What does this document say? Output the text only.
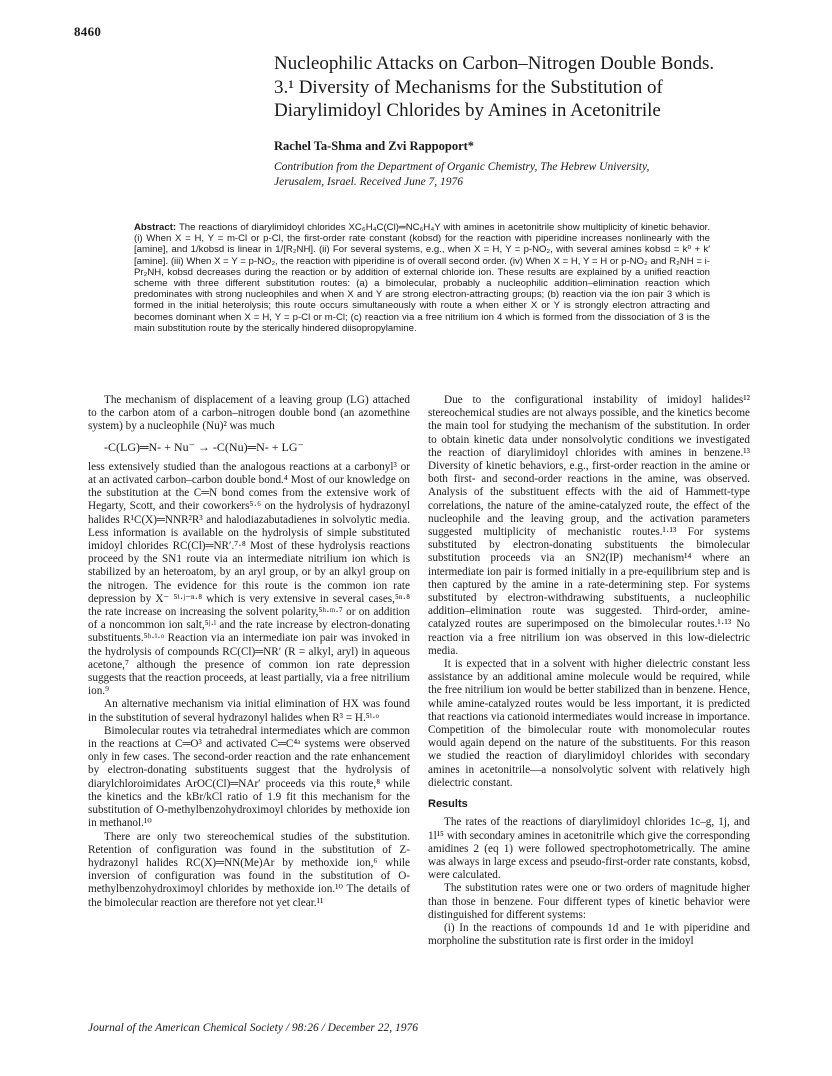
8460
Nucleophilic Attacks on Carbon–Nitrogen Double Bonds.
3.¹ Diversity of Mechanisms for the Substitution of
Diarylimidoyl Chlorides by Amines in Acetonitrile
Rachel Ta-Shma and Zvi Rappoport*
Contribution from the Department of Organic Chemistry, The Hebrew University,
Jerusalem, Israel. Received June 7, 1976
Abstract: The reactions of diarylimidoyl chlorides XC₆H₄C(Cl)═NC₆H₄Y with amines in acetonitrile show multiplicity of kinetic behavior. (i) When X = H, Y = m-Cl or p-Cl, the first-order rate constant (kobsd) for the reaction with piperidine increases nonlinearly with the [amine], and 1/kobsd is linear in 1/[R₂NH]. (ii) For several systems, e.g., when X = H, Y = p-NO₂, with several amines kobsd = k⁰ + k′[amine]. (iii) When X = Y = p-NO₂, the reaction with piperidine is of overall second order. (iv) When X = H, Y = H or p-NO₂ and R₂NH = i-Pr₂NH, kobsd decreases during the reaction or by addition of external chloride ion. These results are explained by a unified reaction scheme with three different substitution routes: (a) a bimolecular, probably a nucleophilic addition–elimination reaction which predominates with strong nucleophiles and when X and Y are strong electron-attracting groups; (b) reaction via the ion pair 3 which is formed in the initial heterolysis; this route occurs simultaneously with route a when either X or Y is strongly electron attracting and becomes dominant when X = H, Y = p-Cl or m-Cl; (c) reaction via a free nitrilium ion 4 which is formed from the dissociation of 3 is the main substitution route by the sterically hindered diisopropylamine.

The mechanism of displacement of a leaving group (LG) attached to the carbon atom of a carbon–nitrogen double bond (an azomethine system) by a nucleophile (Nu)² was much

-C(LG)═N- + Nu⁻ → -C(Nu)═N- + LG⁻

less extensively studied than the analogous reactions at a carbonyl³ or at an activated carbon–carbon double bond.⁴ Most of our knowledge on the substitution at the C═N bond comes from the extensive work of Hegarty, Scott, and their coworkers⁵·⁶ on the hydrolysis of hydrazonyl halides R¹C(X)═NNR²R³ and halodiazabutadienes in solvolytic media. Less information is available on the hydrolysis of simple substituted imidoyl chlorides RC(Cl)═NR′.⁷·⁸ Most of these hydrolysis reactions proceed by the SN1 route via an intermediate nitrilium ion which is stabilized by an heteroatom, by an aryl group, or by an alkyl group on the nitrogen. The evidence for this route is the common ion rate depression by X⁻ ⁵ⁱ·ʲ⁻ⁿ·⁸ which is very extensive in several cases,⁵ⁿ·⁸ the rate increase on increasing the solvent polarity,⁵ʰ·ᵐ·⁷ or on addition of a noncommon ion salt,⁵ʲ·ˡ and the rate increase by electron-donating substituents.⁵ʰ·ⁱ·ᵒ Reaction via an intermediate ion pair was invoked in the hydrolysis of compounds RC(Cl)═NR′ (R = alkyl, aryl) in aqueous acetone,⁷ although the presence of common ion rate depression suggests that the reaction proceeds, at least partially, via a free nitrilium ion.⁹

An alternative mechanism via initial elimination of HX was found in the substitution of several hydrazonyl halides when R³ = H.⁵ⁱ·ᵒ

Bimolecular routes via tetrahedral intermediates which are common in the reactions at C═O³ and activated C═C⁴ᵃ systems were observed only in few cases. The second-order reaction and the rate enhancement by electron-donating substituents suggest that the hydrolysis of diarylchloroimidates ArOC(Cl)═NAr′ proceeds via this route,⁸ while the kinetics and the kBr/kCl ratio of 1.9 fit this mechanism for the substitution of O-methylbenzohydroximoyl chlorides by methoxide ion in methanol.¹⁰

There are only two stereochemical studies of the substitution. Retention of configuration was found in the substitution of Z-hydrazonyl halides RC(X)═NN(Me)Ar by methoxide ion,⁶ while inversion of configuration was found in the substitution of O-methylbenzohydroximoyl chlorides by methoxide ion.¹⁰ The details of the bimolecular reaction are therefore not yet clear.¹¹

Due to the configurational instability of imidoyl halides¹² stereochemical studies are not always possible, and the kinetics become the main tool for studying the mechanism of the substitution. In order to obtain kinetic data under nonsolvolytic conditions we investigated the reaction of diarylimidoyl chlorides with amines in benzene.¹³ Diversity of kinetic behaviors, e.g., first-order reaction in the amine or both first- and second-order reactions in the amine, was observed. Analysis of the substituent effects with the aid of Hammett-type correlations, the nature of the amine-catalyzed route, the effect of the nucleophile and the leaving group, and the activation parameters suggested multiplicity of mechanistic routes.¹·¹³ For systems substituted by electron-donating substituents the bimolecular substitution proceeds via an SN2(IP) mechanism¹⁴ where an intermediate ion pair is formed initially in a pre-equilibrium step and is then captured by the amine in a rate-determining step. For systems substituted by electron-withdrawing substituents, a nucleophilic addition–elimination route was suggested. Third-order, amine-catalyzed routes are superimposed on the bimolecular routes.¹·¹³ No reaction via a free nitrilium ion was observed in this low-dielectric media.

It is expected that in a solvent with higher dielectric constant less assistance by an additional amine molecule would be required, while the free nitrilium ion would be better stabilized than in benzene. Hence, while amine-catalyzed routes would be less important, it is predicted that reactions via cationoid intermediates would increase in importance. Competition of the bimolecular route with monomolecular routes would again depend on the nature of the substituents. For this reason we studied the reaction of diarylimidoyl chlorides with secondary amines in acetonitrile—a nonsolvolytic solvent with relatively high dielectric constant.

Results

The rates of the reactions of diarylimidoyl chlorides 1c–g, 1j, and 1l¹⁵ with secondary amines in acetonitrile which give the corresponding amidines 2 (eq 1) were followed spectrophotometrically. The amine was always in large excess and pseudo-first-order rate constants, kobsd, were calculated.

The substitution rates were one or two orders of magnitude higher than those in benzene. Four different types of kinetic behavior were distinguished for different systems:

(i) In the reactions of compounds 1d and 1e with piperidine and morpholine the substitution rate is first order in the imidoyl

Journal of the American Chemical Society / 98:26 / December 22, 1976
